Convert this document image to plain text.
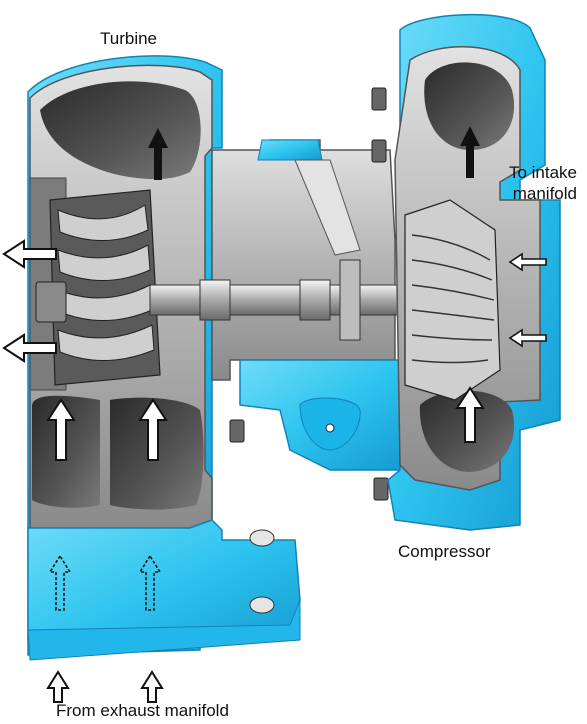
Turbine
To intake
manifold
Compressor
From exhaust manifold
